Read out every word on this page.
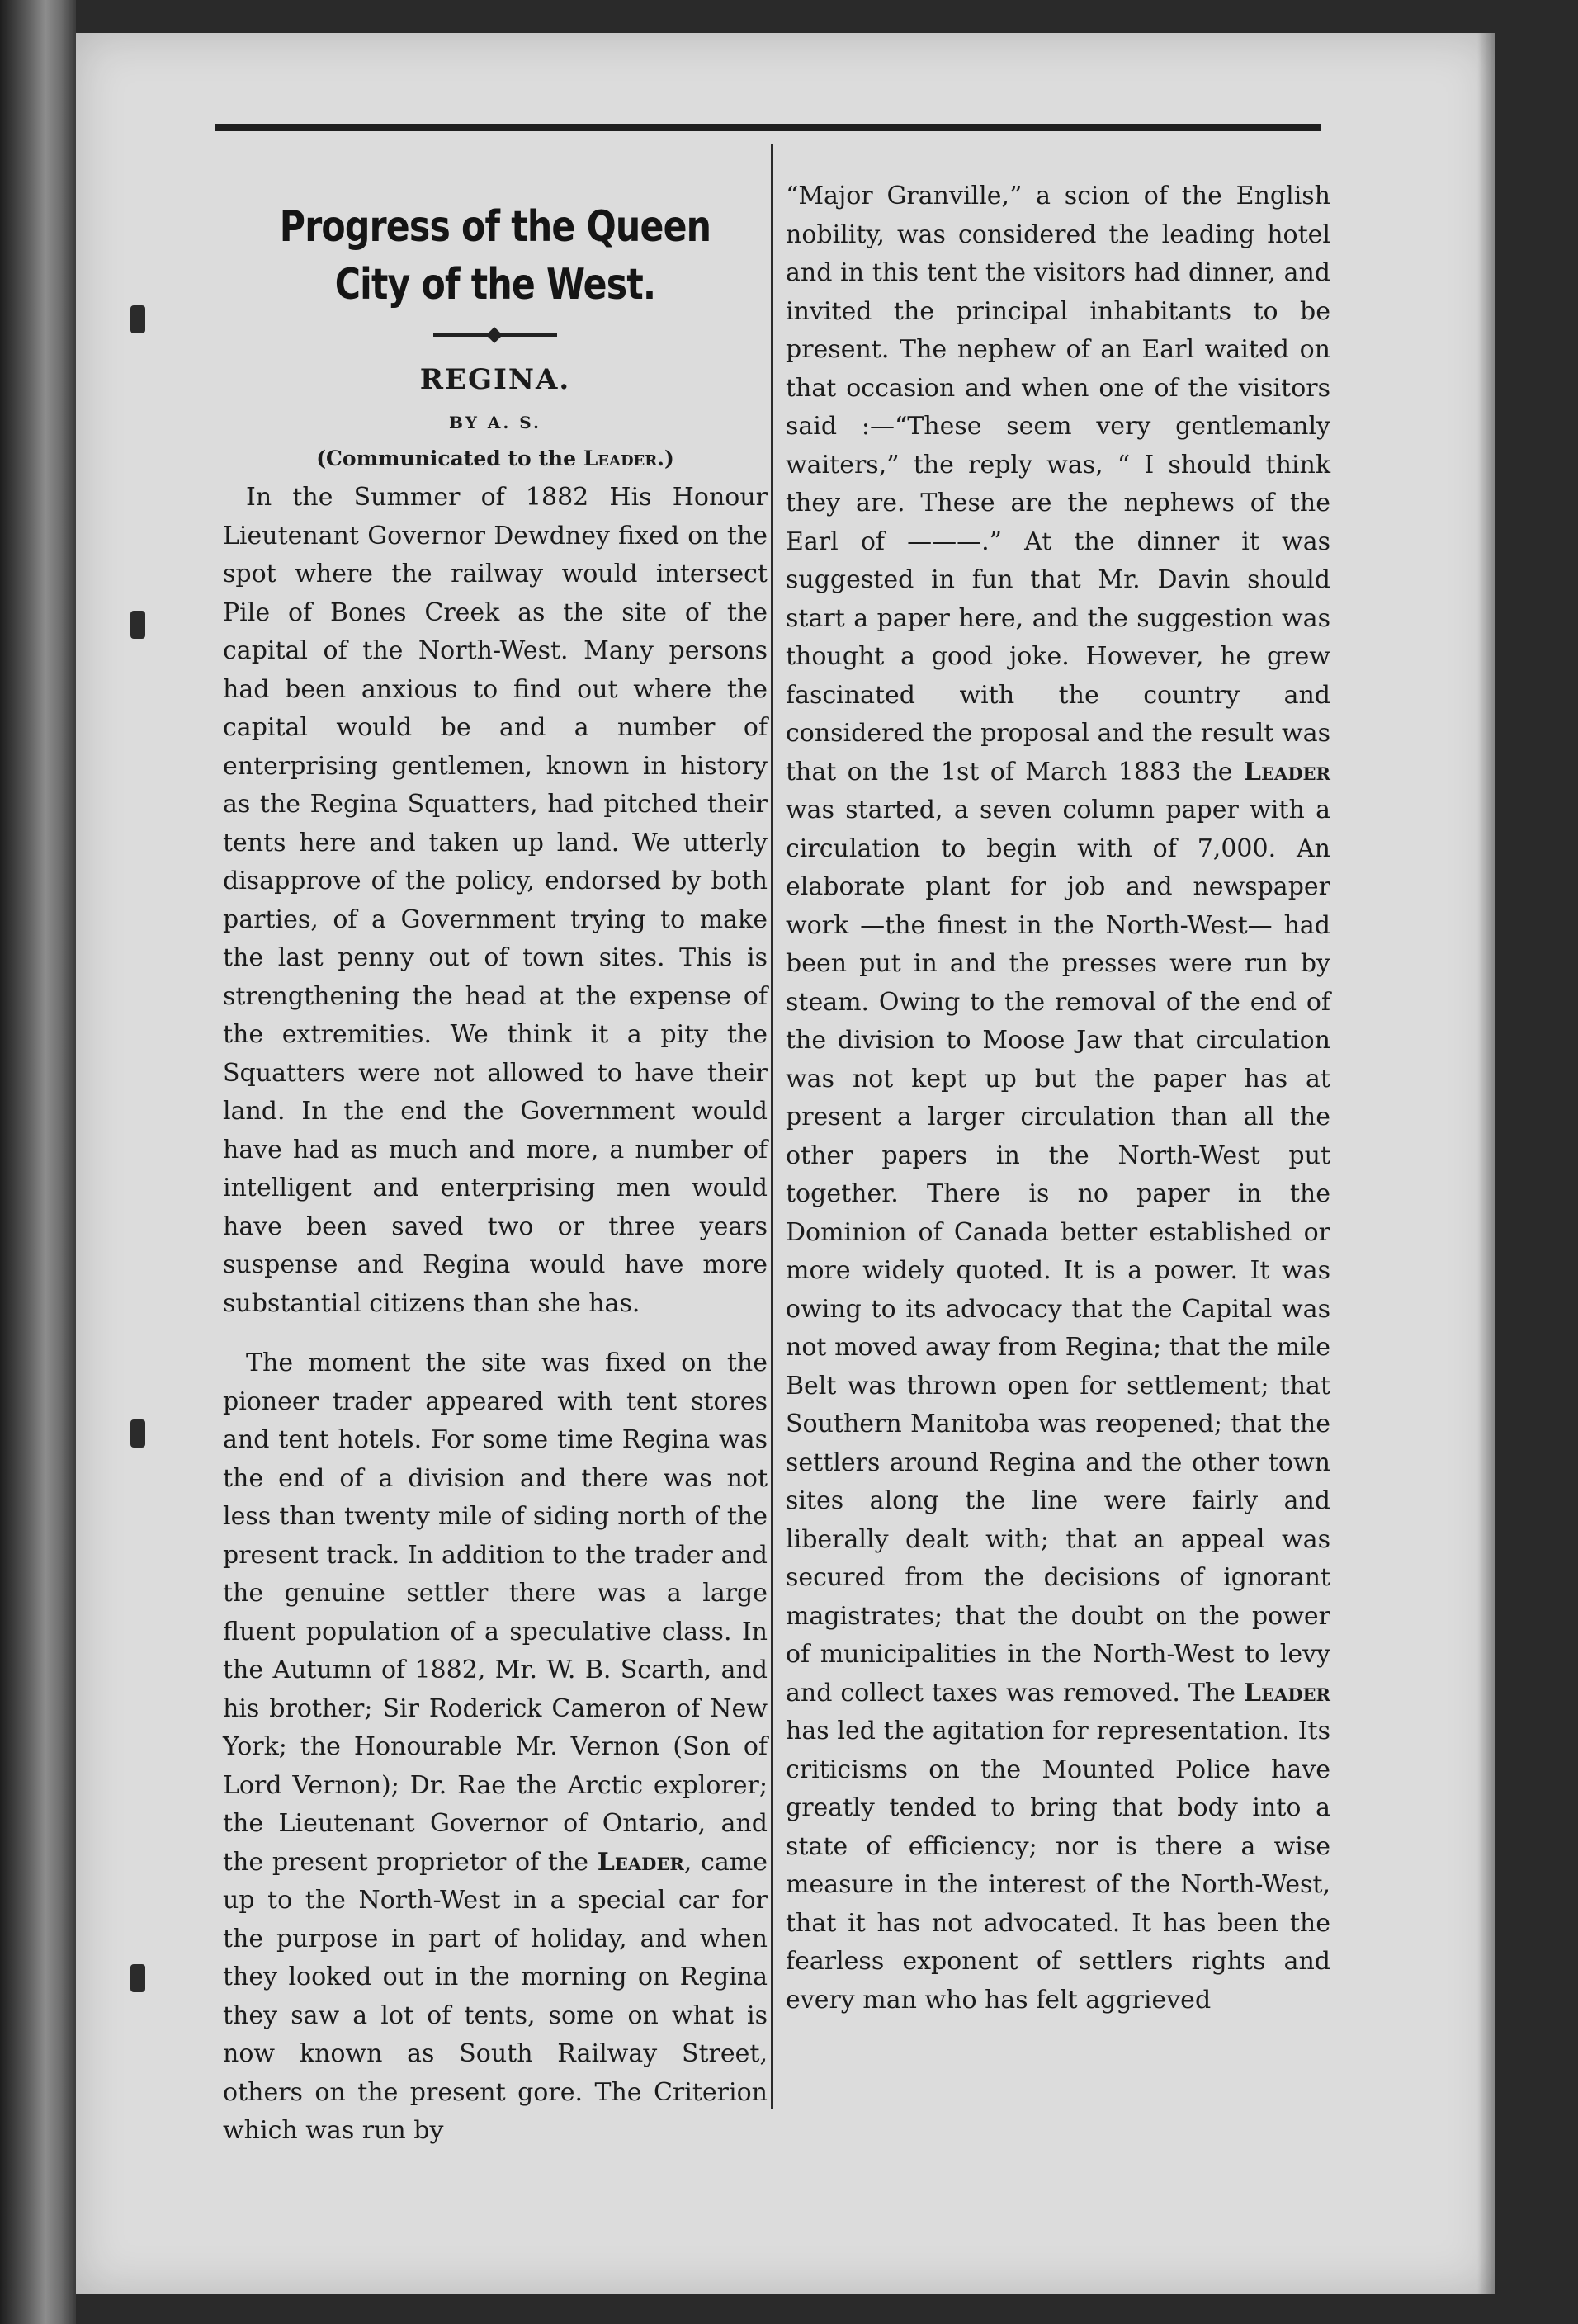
Progress of the Queen City of the West.
REGINA.
BY A. S.
(Communicated to the Leader.)

In the Summer of 1882 His Honour Lieutenant Governor Dewdney fixed on the spot where the railway would intersect Pile of Bones Creek as the site of the capital of the North-West. Many persons had been anxious to find out where the capital would be and a number of enterprising gentlemen, known in history as the Regina Squatters, had pitched their tents here and taken up land. We utterly disapprove of the policy, endorsed by both parties, of a Government trying to make the last penny out of town sites. This is strengthening the head at the expense of the extremities. We think it a pity the Squatters were not allowed to have their land. In the end the Government would have had as much and more, a number of intelligent and enterprising men would have been saved two or three years suspense and Regina would have more substantial citizens than she has.

The moment the site was fixed on the pioneer trader appeared with tent stores and tent hotels. For some time Regina was the end of a division and there was not less than twenty mile of siding north of the present track. In addition to the trader and the genuine settler there was a large fluent population of a speculative class. In the Autumn of 1882, Mr. W. B. Scarth, and his brother; Sir Roderick Cameron of New York; the Honourable Mr. Vernon (Son of Lord Vernon); Dr. Rae the Arctic explorer; the Lieutenant Governor of Ontario, and the present proprietor of the Leader, came up to the North-West in a special car for the purpose in part of holiday, and when they looked out in the morning on Regina they saw a lot of tents, some on what is now known as South Railway Street, others on the present gore. The Criterion which was run by

“Major Granville,” a scion of the English nobility, was considered the leading hotel and in this tent the visitors had dinner, and invited the principal inhabitants to be present. The nephew of an Earl waited on that occasion and when one of the visitors said :—“These seem very gentlemanly waiters,” the reply was, “ I should think they are. These are the nephews of the Earl of ———.” At the dinner it was suggested in fun that Mr. Davin should start a paper here, and the suggestion was thought a good joke. However, he grew fascinated with the country and considered the proposal and the result was that on the 1st of March 1883 the Leader was started, a seven column paper with a circulation to begin with of 7,000. An elaborate plant for job and newspaper work —the finest in the North-West— had been put in and the presses were run by steam. Owing to the removal of the end of the division to Moose Jaw that circulation was not kept up but the paper has at present a larger circulation than all the other papers in the North-West put together. There is no paper in the Dominion of Canada better established or more widely quoted. It is a power. It was owing to its advocacy that the Capital was not moved away from Regina; that the mile Belt was thrown open for settlement; that Southern Manitoba was reopened; that the settlers around Regina and the other town sites along the line were fairly and liberally dealt with; that an appeal was secured from the decisions of ignorant magistrates; that the doubt on the power of municipalities in the North-West to levy and collect taxes was removed. The Leader has led the agitation for representation. Its criticisms on the Mounted Police have greatly tended to bring that body into a state of efficiency; nor is there a wise measure in the interest of the North-West, that it has not advocated. It has been the fearless exponent of settlers rights and every man who has felt aggrieved
